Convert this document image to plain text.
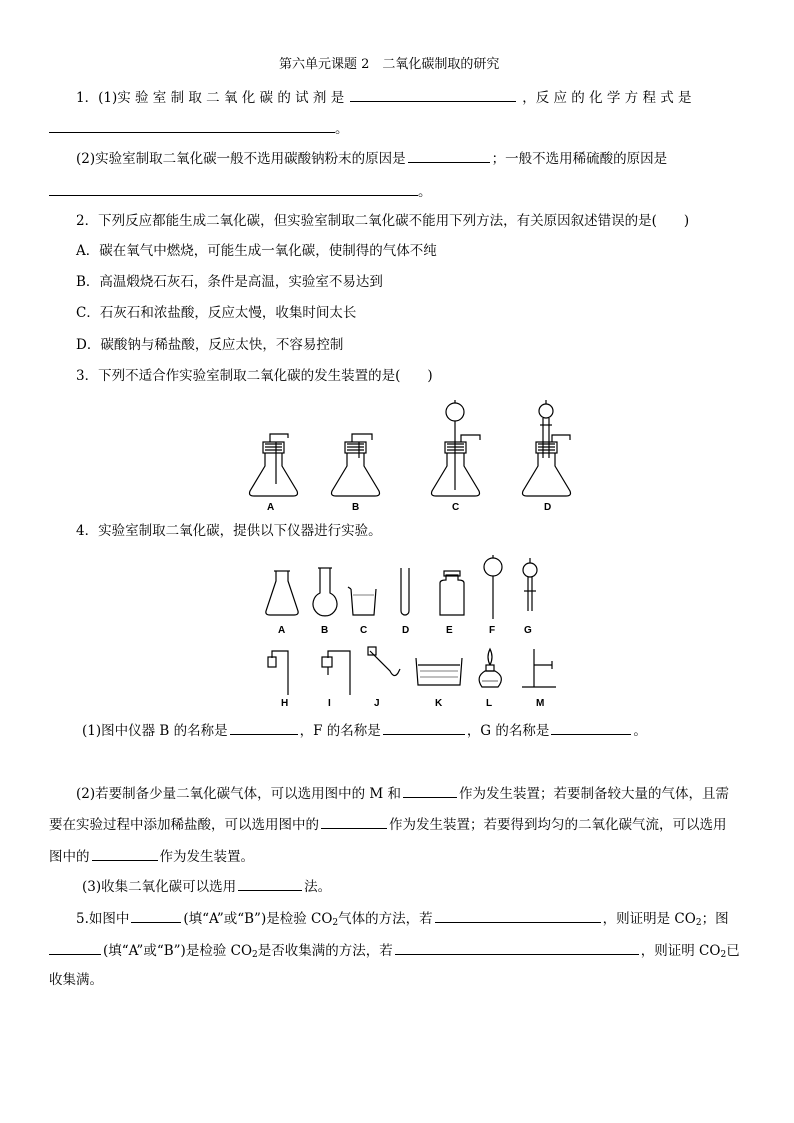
第六单元课题 2　二氧化碳制取的研究
1．(1)实 验 室 制 取 二 氧 化 碳 的 试 剂 是	，反 应 的 化 学 方 程 式 是
。
(2)实验室制取二氧化碳一般不选用碳酸钠粉末的原因是	；一般不选用稀硫酸的原因是
。
2．下列反应都能生成二氧化碳，但实验室制取二氧化碳不能用下列方法，有关原因叙述错误的是(　　)
A．碳在氧气中燃烧，可能生成一氧化碳，使制得的气体不纯
B．高温煅烧石灰石，条件是高温，实验室不易达到
C．石灰石和浓盐酸，反应太慢，收集时间太长
D．碳酸钠与稀盐酸，反应太快，不容易控制
3．下列不适合作实验室制取二氧化碳的发生装置的是(　　)
A	B	C	D
4．实验室制取二氧化碳，提供以下仪器进行实验。
A	B	C	D	E	F	G
H	I	J	K	L	M
(1)图中仪器 B 的名称是	，F 的名称是	，G 的名称是	。
(2)若要制备少量二氧化碳气体，可以选用图中的 M 和	作为发生装置；若要制备较大量的气体，且需
要在实验过程中添加稀盐酸，可以选用图中的	作为发生装置；若要得到均匀的二氧化碳气流，可以选用
图中的	作为发生装置。
(3)收集二氧化碳可以选用	法。
5.如图中	(填“A”或“B”)是检验 $CO_2$气体的方法，若	，则证明是 $CO_2$；图
(填“A”或“B”)是检验 $CO_2$是否收集满的方法，若	，则证明 $CO_2$已
收集满。
